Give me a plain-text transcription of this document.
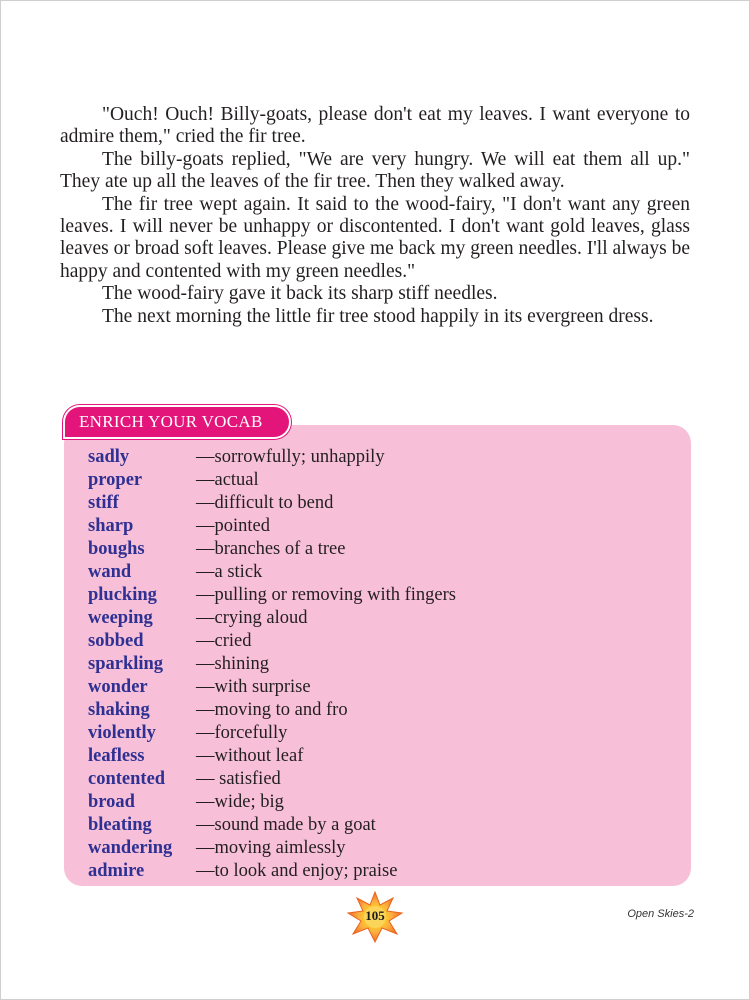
"Ouch! Ouch! Billy-goats, please don't eat my leaves. I want everyone to admire them," cried the fir tree.

The billy-goats replied, "We are very hungry. We will eat them all up." They ate up all the leaves of the fir tree. Then they walked away.

The fir tree wept again. It said to the wood-fairy, "I don't want any green leaves. I will never be unhappy or discontented. I don't want gold leaves, glass leaves or broad soft leaves. Please give me back my green needles. I'll always be happy and contented with my green needles."

The wood-fairy gave it back its sharp stiff needles.

The next morning the little fir tree stood happily in its evergreen dress.

ENRICH YOUR VOCAB
sadly	—sorrowfully; unhappily
proper	—actual
stiff	—difficult to bend
sharp	—pointed
boughs	—branches of a tree
wand	—a stick
plucking	—pulling or removing with fingers
weeping	—crying aloud
sobbed	—cried
sparkling	—shining
wonder	—with surprise
shaking	—moving to and fro
violently	—forcefully
leafless	—without leaf
contented	— satisfied
broad	—wide; big
bleating	—sound made by a goat
wandering	—moving aimlessly
admire	—to look and enjoy; praise
105	Open Skies-2
